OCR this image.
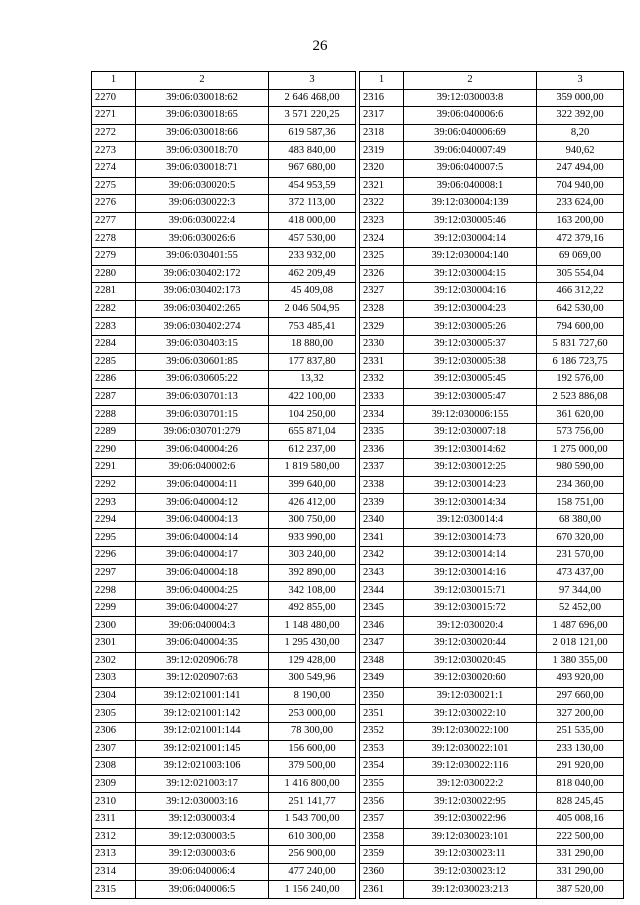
26
1	2	3
2270	39:06:030018:62	2 646 468,00
2271	39:06:030018:65	3 571 220,25
2272	39:06:030018:66	619 587,36
2273	39:06:030018:70	483 840,00
2274	39:06:030018:71	967 680,00
2275	39:06:030020:5	454 953,59
2276	39:06:030022:3	372 113,00
2277	39:06:030022:4	418 000,00
2278	39:06:030026:6	457 530,00
2279	39:06:030401:55	233 932,00
2280	39:06:030402:172	462 209,49
2281	39:06:030402:173	45 409,08
2282	39:06:030402:265	2 046 504,95
2283	39:06:030402:274	753 485,41
2284	39:06:030403:15	18 880,00
2285	39:06:030601:85	177 837,80
2286	39:06:030605:22	13,32
2287	39:06:030701:13	422 100,00
2288	39:06:030701:15	104 250,00
2289	39:06:030701:279	655 871,04
2290	39:06:040004:26	612 237,00
2291	39:06:040002:6	1 819 580,00
2292	39:06:040004:11	399 640,00
2293	39:06:040004:12	426 412,00
2294	39:06:040004:13	300 750,00
2295	39:06:040004:14	933 990,00
2296	39:06:040004:17	303 240,00
2297	39:06:040004:18	392 890,00
2298	39:06:040004:25	342 108,00
2299	39:06:040004:27	492 855,00
2300	39:06:040004:3	1 148 480,00
2301	39:06:040004:35	1 295 430,00
2302	39:12:020906:78	129 428,00
2303	39:12:020907:63	300 549,96
2304	39:12:021001:141	8 190,00
2305	39:12:021001:142	253 000,00
2306	39:12:021001:144	78 300,00
2307	39:12:021001:145	156 600,00
2308	39:12:021003:106	379 500,00
2309	39:12:021003:17	1 416 800,00
2310	39:12:030003:16	251 141,77
2311	39:12:030003:4	1 543 700,00
2312	39:12:030003:5	610 300,00
2313	39:12:030003:6	256 900,00
2314	39:06:040006:4	477 240,00
2315	39:06:040006:5	1 156 240,00
1	2	3
2316	39:12:030003:8	359 000,00
2317	39:06:040006:6	322 392,00
2318	39:06:040006:69	8,20
2319	39:06:040007:49	940,62
2320	39:06:040007:5	247 494,00
2321	39:06:040008:1	704 940,00
2322	39:12:030004:139	233 624,00
2323	39:12:030005:46	163 200,00
2324	39:12:030004:14	472 379,16
2325	39:12:030004:140	69 069,00
2326	39:12:030004:15	305 554,04
2327	39:12:030004:16	466 312,22
2328	39:12:030004:23	642 530,00
2329	39:12:030005:26	794 600,00
2330	39:12:030005:37	5 831 727,60
2331	39:12:030005:38	6 186 723,75
2332	39:12:030005:45	192 576,00
2333	39:12:030005:47	2 523 886,08
2334	39:12:030006:155	361 620,00
2335	39:12:030007:18	573 756,00
2336	39:12:030014:62	1 275 000,00
2337	39:12:030012:25	980 590,00
2338	39:12:030014:23	234 360,00
2339	39:12:030014:34	158 751,00
2340	39:12:030014:4	68 380,00
2341	39:12:030014:73	670 320,00
2342	39:12:030014:14	231 570,00
2343	39:12:030014:16	473 437,00
2344	39:12:030015:71	97 344,00
2345	39:12:030015:72	52 452,00
2346	39:12:030020:4	1 487 696,00
2347	39:12:030020:44	2 018 121,00
2348	39:12:030020:45	1 380 355,00
2349	39:12:030020:60	493 920,00
2350	39:12:030021:1	297 660,00
2351	39:12:030022:10	327 200,00
2352	39:12:030022:100	251 535,00
2353	39:12:030022:101	233 130,00
2354	39:12:030022:116	291 920,00
2355	39:12:030022:2	818 040,00
2356	39:12:030022:95	828 245,45
2357	39:12:030022:96	405 008,16
2358	39:12:030023:101	222 500,00
2359	39:12:030023:11	331 290,00
2360	39:12:030023:12	331 290,00
2361	39:12:030023:213	387 520,00
